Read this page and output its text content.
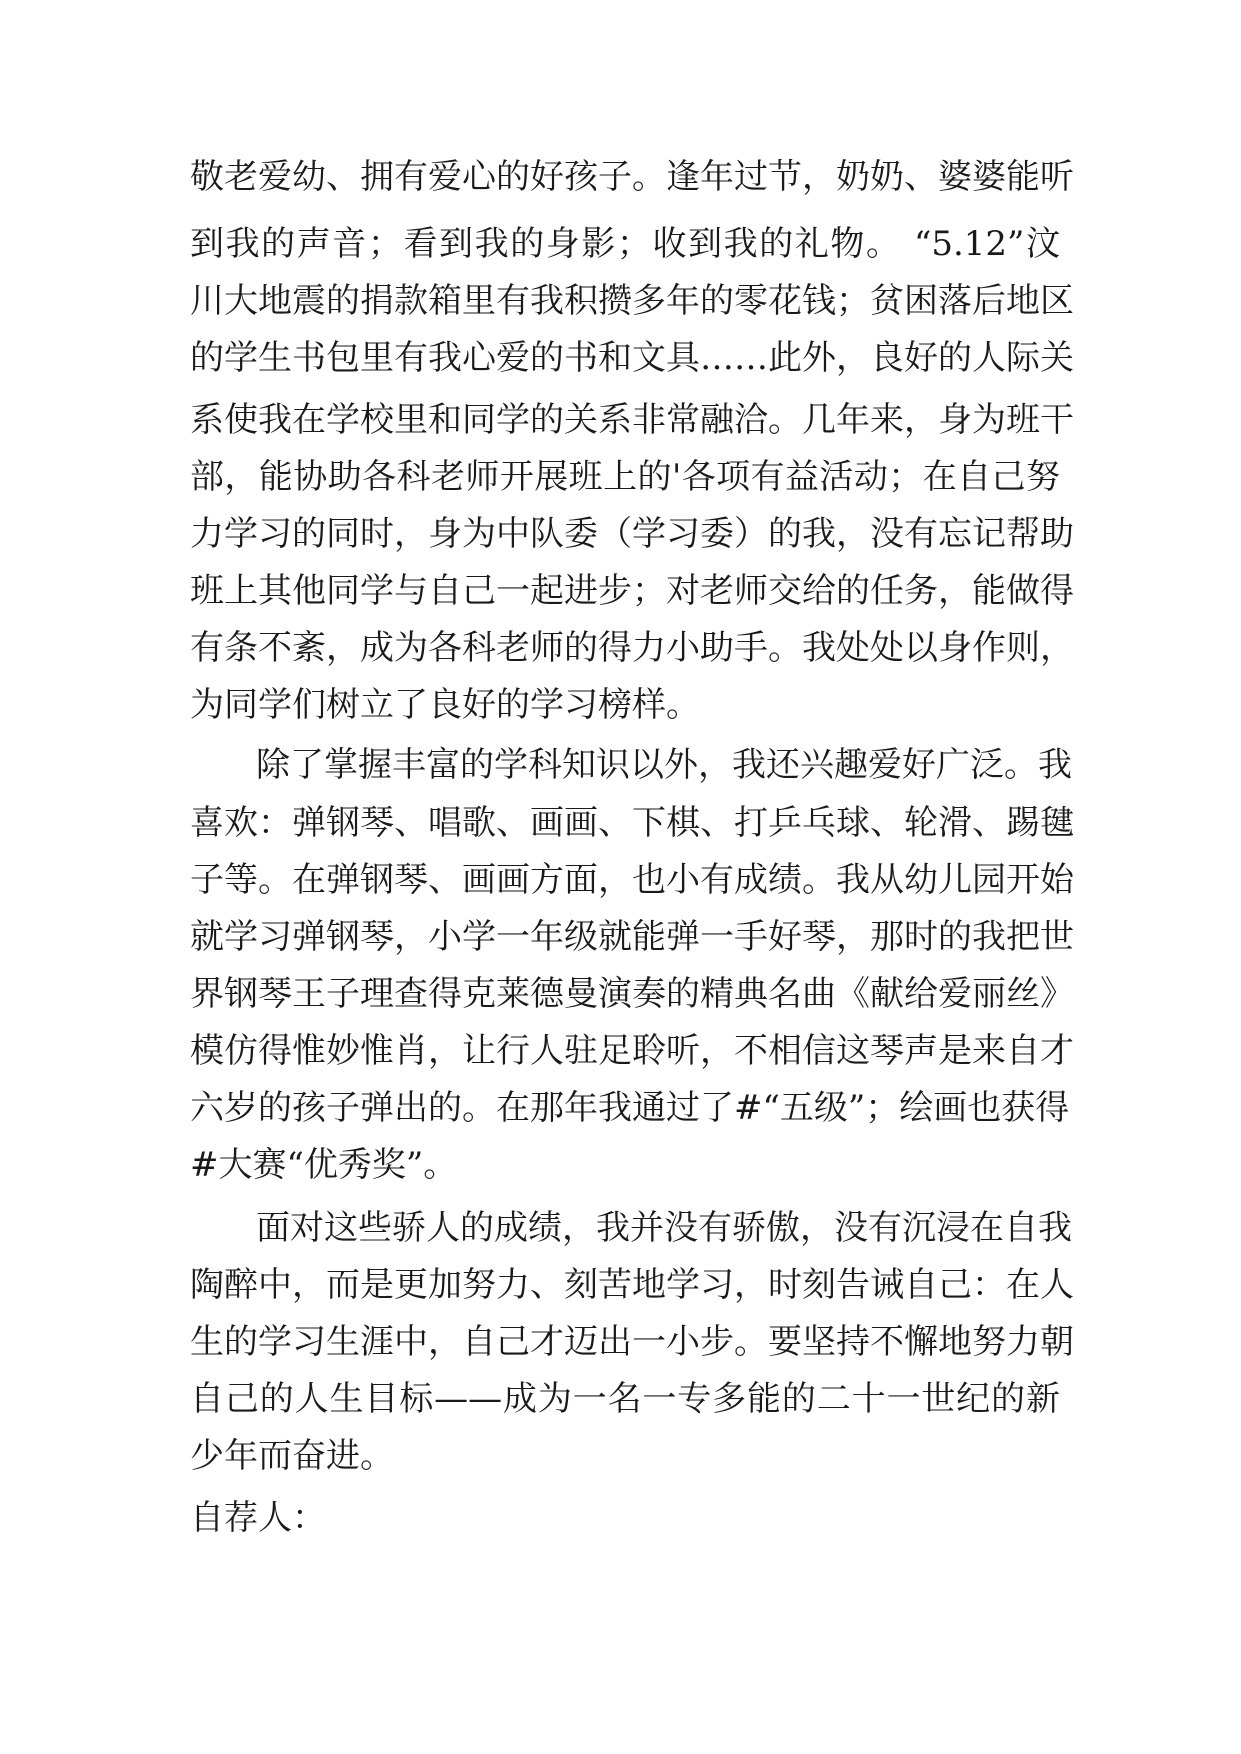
敬老爱幼、拥有爱心的好孩子。逢年过节，奶奶、婆婆能听
到我的声音；看到我的身影；收到我的礼物。 “5.12”汶
川大地震的捐款箱里有我积攒多年的零花钱；贫困落后地区
的学生书包里有我心爱的书和文具……此外，良好的人际关
系使我在学校里和同学的关系非常融洽。几年来，身为班干
部，能协助各科老师开展班上的'各项有益活动；在自己努
力学习的同时，身为中队委（学习委）的我，没有忘记帮助
班上其他同学与自己一起进步；对老师交给的任务，能做得
有条不紊，成为各科老师的得力小助手。我处处以身作则，
为同学们树立了良好的学习榜样。
除了掌握丰富的学科知识以外，我还兴趣爱好广泛。我
喜欢：弹钢琴、唱歌、画画、下棋、打乒乓球、轮滑、踢毽
子等。在弹钢琴、画画方面，也小有成绩。我从幼儿园开始
就学习弹钢琴，小学一年级就能弹一手好琴，那时的我把世
界钢琴王子理查得克莱德曼演奏的精典名曲《献给爱丽丝》
模仿得惟妙惟肖，让行人驻足聆听，不相信这琴声是来自才
六岁的孩子弹出的。在那年我通过了#“五级”；绘画也获得
#大赛“优秀奖”。
面对这些骄人的成绩，我并没有骄傲，没有沉浸在自我
陶醉中，而是更加努力、刻苦地学习，时刻告诫自己：在人
生的学习生涯中，自己才迈出一小步。要坚持不懈地努力朝
自己的人生目标——成为一名一专多能的二十一世纪的新
少年而奋进。
自荐人：
